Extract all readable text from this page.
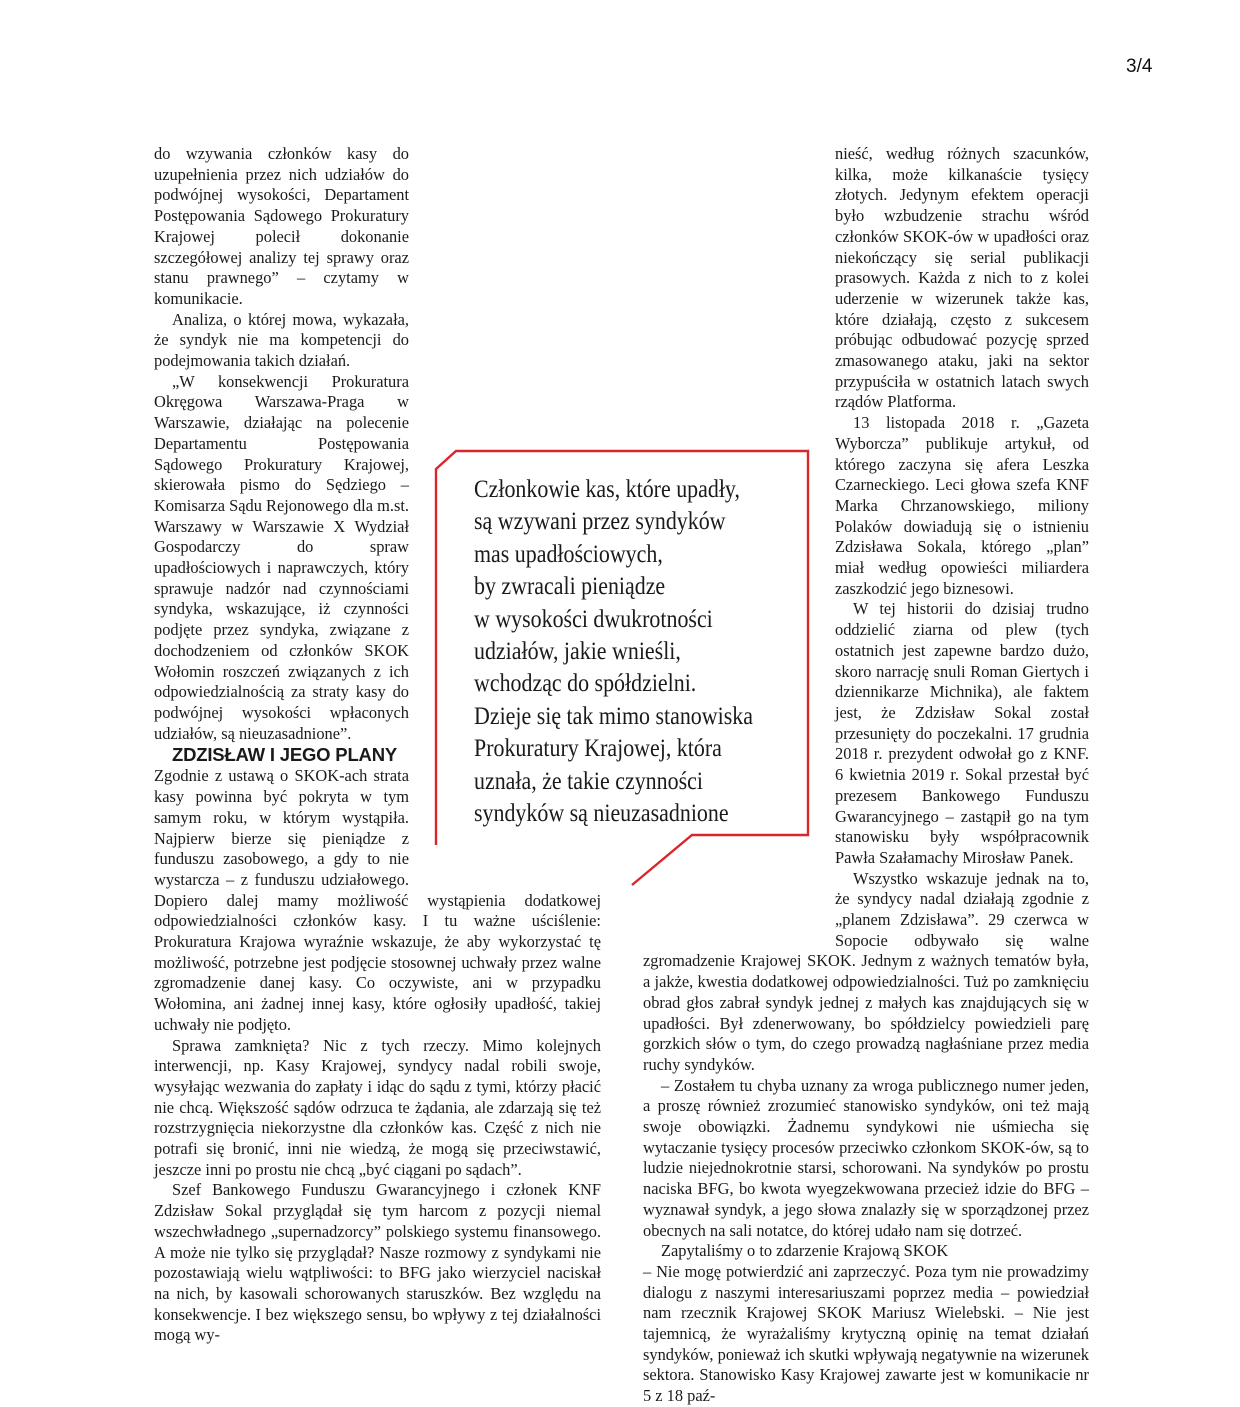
3/4

do wzywania członków kasy do uzupełnienia przez nich udziałów do podwójnej wysokości, Departament Postępowania Sądowego Prokuratury Krajowej polecił dokonanie szczegółowej analizy tej sprawy oraz stanu prawnego” – czytamy w komunikacie.

Analiza, o której mowa, wykazała, że syndyk nie ma kompetencji do podejmowania takich działań.

„W konsekwencji Prokuratura Okręgowa Warszawa-Praga w Warszawie, działając na polecenie Departamentu Postępowania Sądowego Prokuratury Krajowej, skierowała pismo do Sędziego – Komisarza Sądu Rejonowego dla m.st. Warszawy w Warszawie X Wydział Gospodarczy do spraw upadłościowych i naprawczych, który sprawuje nadzór nad czynnościami syndyka, wskazujące, iż czynności podjęte przez syndyka, związane z dochodzeniem od członków SKOK Wołomin roszczeń związanych z ich odpowiedzialnością za straty kasy do podwójnej wysokości wpłaconych udziałów, są nieuzasadnione”.

ZDZISŁAW I JEGO PLANY

Zgodnie z ustawą o SKOK-ach strata kasy powinna być pokryta w tym samym roku, w którym wystąpiła. Najpierw bierze się pieniądze z funduszu zasobowego, a gdy to nie wystarcza – z funduszu udziałowego. Dopiero dalej mamy możliwość wystąpienia dodatkowej odpowiedzialności członków kasy. I tu ważne uściślenie: Prokuratura Krajowa wyraźnie wskazuje, że aby wykorzystać tę możliwość, potrzebne jest podjęcie stosownej uchwały przez walne zgromadzenie danej kasy. Co oczywiste, ani w przypadku Wołomina, ani żadnej innej kasy, które ogłosiły upadłość, takiej uchwały nie podjęto.

Sprawa zamknięta? Nic z tych rzeczy. Mimo kolejnych interwencji, np. Kasy Krajowej, syndycy nadal robili swoje, wysyłając wezwania do zapłaty i idąc do sądu z tymi, którzy płacić nie chcą. Większość sądów odrzuca te żądania, ale zdarzają się też rozstrzygnięcia niekorzystne dla członków kas. Część z nich nie potrafi się bronić, inni nie wiedzą, że mogą się przeciwstawić, jeszcze inni po prostu nie chcą „być ciągani po sądach”.

Szef Bankowego Funduszu Gwarancyjnego i członek KNF Zdzisław Sokal przyglądał się tym harcom z pozycji niemal wszechwładnego „supernadzorcy” polskiego systemu finansowego. A może nie tylko się przyglądał? Nasze rozmowy z syndykami nie pozostawiają wielu wątpliwości: to BFG jako wierzyciel naciskał na nich, by kasowali schorowanych staruszków. Bez względu na konsekwencje. I bez większego sensu, bo wpływy z tej działalności mogą wy-

nieść, według różnych szacunków, kilka, może kilkanaście tysięcy złotych. Jedynym efektem operacji było wzbudzenie strachu wśród członków SKOK-ów w upadłości oraz niekończący się serial publikacji prasowych. Każda z nich to z kolei uderzenie w wizerunek także kas, które działają, często z sukcesem próbując odbudować pozycję sprzed zmasowanego ataku, jaki na sektor przypuściła w ostatnich latach swych rządów Platforma.

13 listopada 2018 r. „Gazeta Wyborcza” publikuje artykuł, od którego zaczyna się afera Leszka Czarneckiego. Leci głowa szefa KNF Marka Chrzanowskiego, miliony Polaków dowiadują się o istnieniu Zdzisława Sokala, którego „plan” miał według opowieści miliardera zaszkodzić jego biznesowi.

W tej historii do dzisiaj trudno oddzielić ziarna od plew (tych ostatnich jest zapewne bardzo dużo, skoro narrację snuli Roman Giertych i dziennikarze Michnika), ale faktem jest, że Zdzisław Sokal został przesunięty do poczekalni. 17 grudnia 2018 r. prezydent odwołał go z KNF. 6 kwietnia 2019 r. Sokal przestał być prezesem Bankowego Funduszu Gwarancyjnego – zastąpił go na tym stanowisku były współpracownik Pawła Szałamachy Mirosław Panek.

Wszystko wskazuje jednak na to, że syndycy nadal działają zgodnie z „planem Zdzisława”. 29 czerwca w Sopocie odbywało się walne zgromadzenie Krajowej SKOK. Jednym z ważnych tematów była, a jakże, kwestia dodatkowej odpowiedzialności. Tuż po zamknięciu obrad głos zabrał syndyk jednej z małych kas znajdujących się w upadłości. Był zdenerwowany, bo spółdzielcy powiedzieli parę gorzkich słów o tym, do czego prowadzą nagłaśniane przez media ruchy syndyków.

– Zostałem tu chyba uznany za wroga publicznego numer jeden, a proszę również zrozumieć stanowisko syndyków, oni też mają swoje obowiązki. Żadnemu syndykowi nie uśmiecha się wytaczanie tysięcy procesów przeciwko członkom SKOK-ów, są to ludzie niejednokrotnie starsi, schorowani. Na syndyków po prostu naciska BFG, bo kwota wyegzekwowana przecież idzie do BFG – wyznawał syndyk, a jego słowa znalazły się w sporządzonej przez obecnych na sali notatce, do której udało nam się dotrzeć.

Zapytaliśmy o to zdarzenie Krajową SKOK

– Nie mogę potwierdzić ani zaprzeczyć. Poza tym nie prowadzimy dialogu z naszymi interesariuszami poprzez media – powiedział nam rzecznik Krajowej SKOK Mariusz Wielebski. – Nie jest tajemnicą, że wyrażaliśmy krytyczną opinię na temat działań syndyków, ponieważ ich skutki wpływają negatywnie na wizerunek sektora. Stanowisko Kasy Krajowej zawarte jest w komunikacie nr 5 z 18 paź-

Członkowie kas, które upadły,
są wzywani przez syndyków
mas upadłościowych,
by zwracali pieniądze
w wysokości dwukrotności
udziałów, jakie wnieśli,
wchodząc do spółdzielni.
Dzieje się tak mimo stanowiska
Prokuratury Krajowej, która
uznała, że takie czynności
syndyków są nieuzasadnione
